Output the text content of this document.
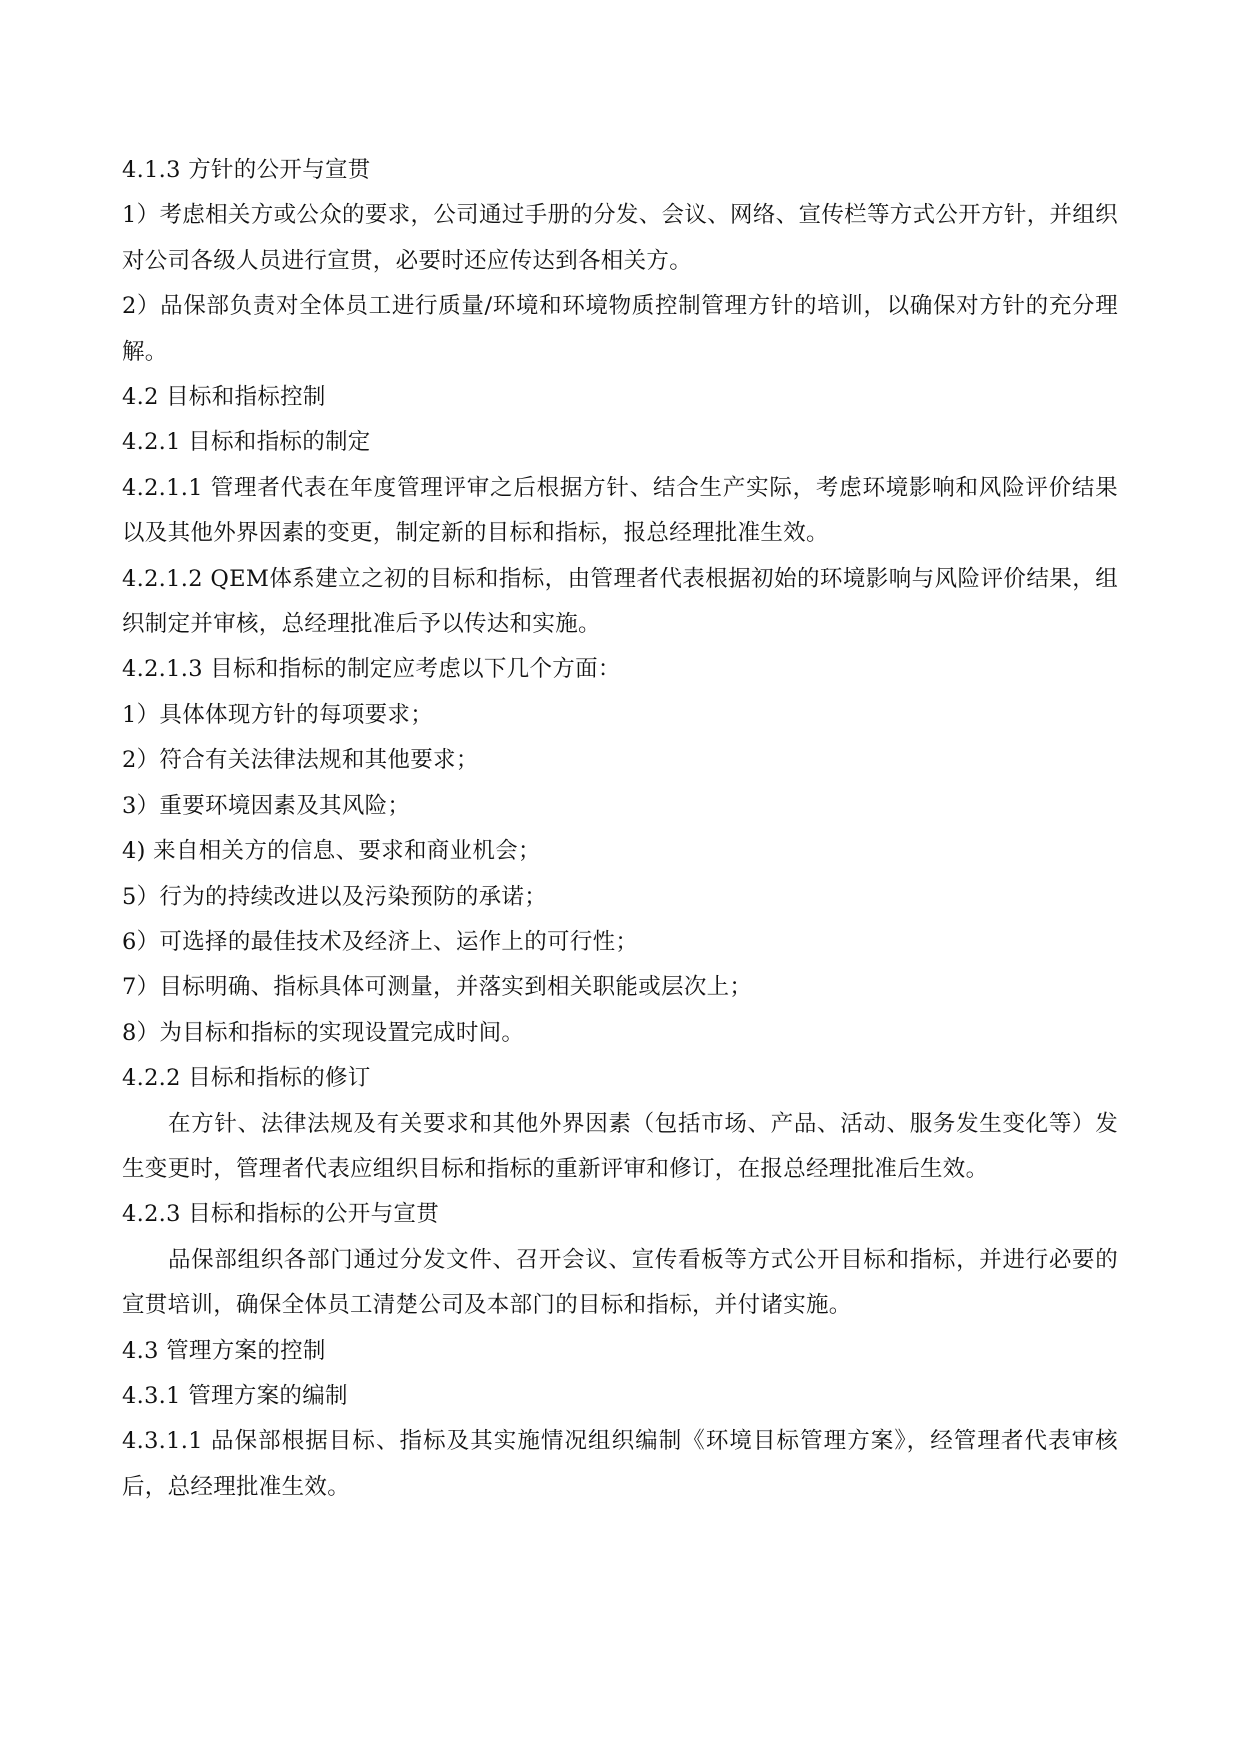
4.1.3 方针的公开与宣贯

1）考虑相关方或公众的要求，公司通过手册的分发、会议、网络、宣传栏等方式公开方针，并组织对公司各级人员进行宣贯，必要时还应传达到各相关方。

2）品保部负责对全体员工进行质量/环境和环境物质控制管理方针的培训，以确保对方针的充分理解。

4.2 目标和指标控制

4.2.1 目标和指标的制定

4.2.1.1 管理者代表在年度管理评审之后根据方针、结合生产实际，考虑环境影响和风险评价结果以及其他外界因素的变更，制定新的目标和指标，报总经理批准生效。

4.2.1.2 QEM体系建立之初的目标和指标，由管理者代表根据初始的环境影响与风险评价结果，组织制定并审核，总经理批准后予以传达和实施。

4.2.1.3 目标和指标的制定应考虑以下几个方面：

1）具体体现方针的每项要求；

2）符合有关法律法规和其他要求；

3）重要环境因素及其风险；

4) 来自相关方的信息、要求和商业机会；

5）行为的持续改进以及污染预防的承诺；

6）可选择的最佳技术及经济上、运作上的可行性；

7）目标明确、指标具体可测量，并落实到相关职能或层次上；

8）为目标和指标的实现设置完成时间。

4.2.2 目标和指标的修订

在方针、法律法规及有关要求和其他外界因素（包括市场、产品、活动、服务发生变化等）发生变更时，管理者代表应组织目标和指标的重新评审和修订，在报总经理批准后生效。

4.2.3 目标和指标的公开与宣贯

品保部组织各部门通过分发文件、召开会议、宣传看板等方式公开目标和指标，并进行必要的宣贯培训，确保全体员工清楚公司及本部门的目标和指标，并付诸实施。

4.3 管理方案的控制

4.3.1 管理方案的编制

4.3.1.1 品保部根据目标、指标及其实施情况组织编制《环境目标管理方案》，经管理者代表审核后，总经理批准生效。
